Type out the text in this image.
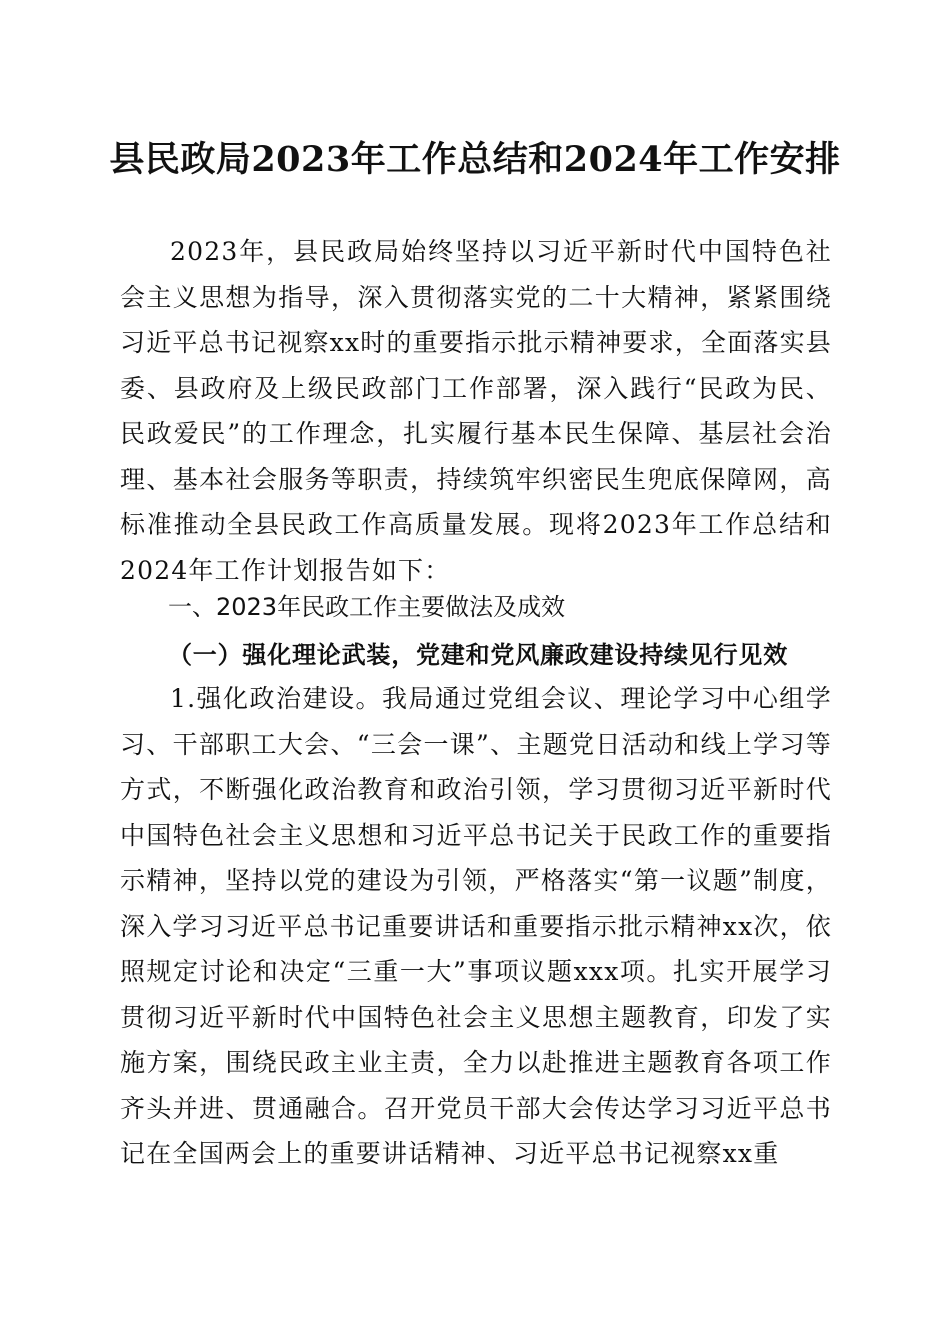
县民政局2023年工作总结和2024年工作安排
2023年，县民政局始终坚持以习近平新时代中国特色社会主义思想为指导，深入贯彻落实党的二十大精神，紧紧围绕习近平总书记视察xx时的重要指示批示精神要求，全面落实县委、县政府及上级民政部门工作部署，深入践行“民政为民、民政爱民”的工作理念，扎实履行基本民生保障、基层社会治理、基本社会服务等职责，持续筑牢织密民生兜底保障网，高标准推动全县民政工作高质量发展。现将2023年工作总结和2024年工作计划报告如下：
一、2023年民政工作主要做法及成效
（一）强化理论武装，党建和党风廉政建设持续见行见效
1.强化政治建设。我局通过党组会议、理论学习中心组学习、干部职工大会、“三会一课”、主题党日活动和线上学习等方式，不断强化政治教育和政治引领，学习贯彻习近平新时代中国特色社会主义思想和习近平总书记关于民政工作的重要指示精神，坚持以党的建设为引领，严格落实“第一议题”制度，深入学习习近平总书记重要讲话和重要指示批示精神xx次，依照规定讨论和决定“三重一大”事项议题xxx项。扎实开展学习贯彻习近平新时代中国特色社会主义思想主题教育，印发了实施方案，围绕民政主业主责，全力以赴推进主题教育各项工作齐头并进、贯通融合。召开党员干部大会传达学习习近平总书记在全国两会上的重要讲话精神、习近平总书记视察xx重
